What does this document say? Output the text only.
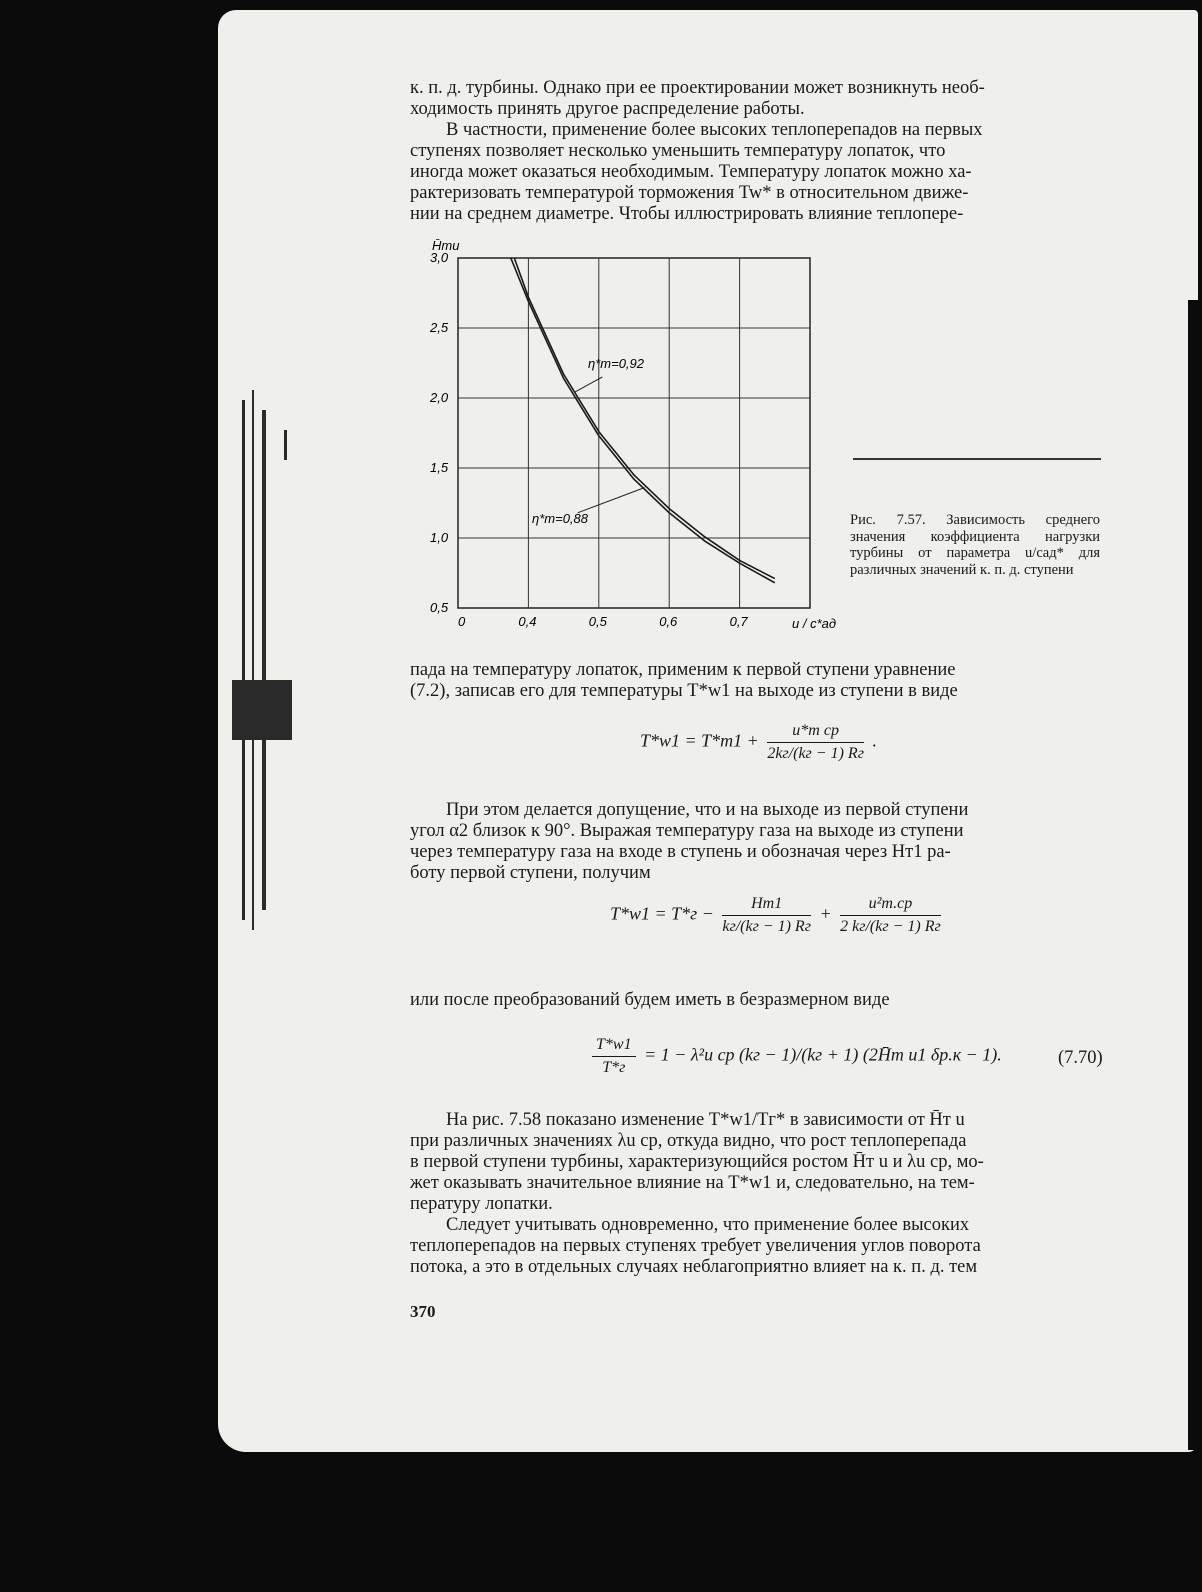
к. п. д. турбины. Однако при ее проектировании может возникнуть необ-

ходимость принять другое распределение работы.

В частности, применение более высоких теплоперепадов на первых

ступенях позволяет несколько уменьшить температуру лопаток, что

иногда может оказаться необходимым. Температуру лопаток можно ха-

рактеризовать температурой торможения Tw* в относительном движе-

нии на среднем диаметре. Чтобы иллюстрировать влияние теплопере-

0	0,4	0,5	0,6	0,7
0,5
1,0
1,5
2,0
2,5
3,0
H̄тu
u / c*ад
η*т=0,92
η*т=0,88	Рис. 7.57. Зависимость среднего значения коэффициента нагрузки турбины от параметра u/cад* для различных значений к. п. д. ступени

пада на температуру лопаток, применим к первой ступени уравнение

(7.2), записав его для температуры T*w1 на выходе из ступени в виде

$T*w1 = T*т1 + \frac{\text{u*т ср}}{2kг/(kг - 1) Rг}$ .

При этом делается допущение, что и на выходе из первой ступени

угол α2 близок к 90°. Выражая температуру газа на выходе из ступени

через температуру газа на входе в ступень и обозначая через Hт1 ра-

боту первой ступени, получим

$T*w1 = T*г - \frac{Hт1}{kг/(kг - 1) Rг} + \frac{\text{u²т.ср}}{2 kг/(kг - 1) Rг}$

или после преобразований будем иметь в безразмерном виде

$\frac{T*w1}{T*г} = 1 - \lambda^2u$ ср (kг − 1)/(kг + 1) (2H̄т u1 δр.к − 1).	(7.70)

На рис. 7.58 показано изменение T*w1/Tг* в зависимости от H̄т u

при различных значениях λu ср, откуда видно, что рост теплоперепада

в первой ступени турбины, характеризующийся ростом H̄т u и λu ср, мо-

жет оказывать значительное влияние на T*w1 и, следовательно, на тем-

пературу лопатки.

Следует учитывать одновременно, что применение более высоких

теплоперепадов на первых ступенях требует увеличения углов поворота

потока, а это в отдельных случаях неблагоприятно влияет на к. п. д. тем

370
